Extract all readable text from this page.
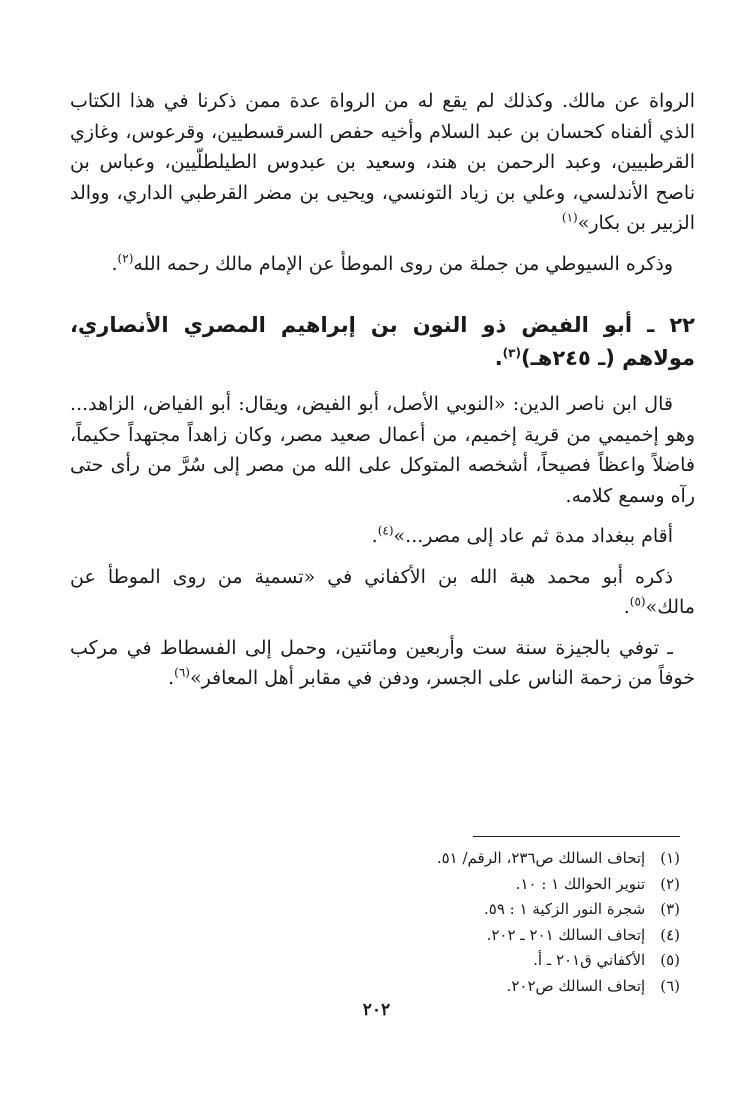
الرواة عن مالك. وكذلك لم يقع له من الرواة عدة ممن ذكرنا في هذا الكتاب الذي ألفناه كحسان بن عبد السلام وأخيه حفص السرقسطيين، وقرعوس، وغازي القرطبيين، وعبد الرحمن بن هند، وسعيد بن عبدوس الطيلطلّيين، وعباس بن ناصح الأندلسي، وعلي بن زياد التونسي، ويحيى بن مضر القرطبي الداري، ووالد الزبير بن بكار»$^{(١)}$

وذكره السيوطي من جملة من روى الموطأ عن الإمام مالك رحمه الله$^{(٢)}$.

٢٢ ـ أبو الفيض ذو النون بن إبراهيم المصري الأنصاري، مولاهم (ـ ٢٤٥هـ)$^{(٣)}$.

قال ابن ناصر الدين: «النوبي الأصل، أبو الفيض، ويقال: أبو الفياض، الزاهد... وهو إخميمي من قرية إخميم، من أعمال صعيد مصر، وكان زاهداً مجتهداً حكيماً، فاضلاً واعظاً فصيحاً، أشخصه المتوكل على الله من مصر إلى سُرَّ من رأى حتى رآه وسمع كلامه.

أقام ببغداد مدة ثم عاد إلى مصر...»$^{(٤)}$.

ذكره أبو محمد هبة الله بن الأكفاني في «تسمية من روى الموطأ عن مالك»$^{(٥)}$.

ـ توفي بالجيزة سنة ست وأربعين ومائتين، وحمل إلى الفسطاط في مركب خوفاً من زحمة الناس على الجسر، ودفن في مقابر أهل المعافر»$^{(٦)}$.

(١) إتحاف السالك ص٢٣٦، الرقم/ ٥١.
(٢) تنوير الحوالك ١ : ١٠.
(٣) شجرة النور الزكية ١ : ٥٩.
(٤) إتحاف السالك ٢٠١ ـ ٢٠٢.
(٥) الأكفاني ق٢٠١ ـ أ.
(٦) إتحاف السالك ص٢٠٢.
٢٠٢
